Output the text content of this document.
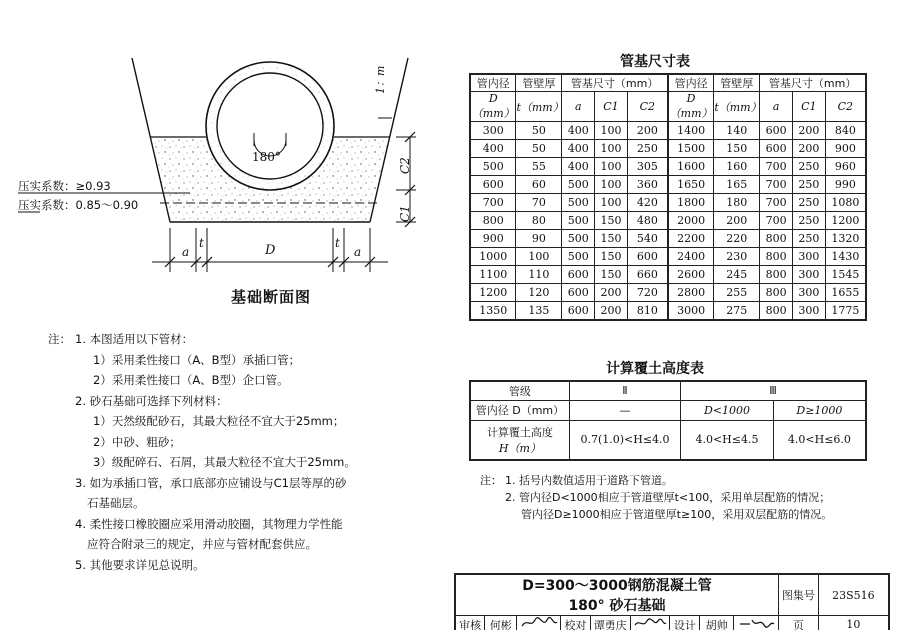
180°
1：m
压实系数：≥0.93
压实系数：0.85～0.90
C2
C1
a
t	D	t
a
基础断面图
注： 1. 本图适用以下管材：
1）采用柔性接口（A、B型）承插口管；
2）采用柔性接口（A、B型）企口管。
2. 砂石基础可选择下列材料：
1）天然级配砂石，其最大粒径不宜大于25mm；
2）中砂、粗砂；
3）级配碎石、石屑，其最大粒径不宜大于25mm。
3. 如为承插口管，承口底部亦应铺设与C1层等厚的砂
石基础层。
4. 柔性接口橡胶圈应采用滑动胶圈，其物理力学性能
应符合附录三的规定，并应与管材配套供应。
5. 其他要求详见总说明。
管基尺寸表
管内径	管壁厚	管基尺寸（mm）			管内径	管壁厚	管基尺寸（mm）		
D（mm）	t（mm）	a	C1	C2	D（mm）	t（mm）	a	C1	C2
300	50	400	100	200	1400	140	600	200	840
400	50	400	100	250	1500	150	600	200	900
500	55	400	100	305	1600	160	700	250	960
600	60	500	100	360	1650	165	700	250	990
700	70	500	100	420	1800	180	700	250	1080
800	80	500	150	480	2000	200	700	250	1200
900	90	500	150	540	2200	220	800	250	1320
1000	100	500	150	600	2400	230	800	300	1430
1100	110	600	150	660	2600	245	800	300	1545
1200	120	600	200	720	2800	255	800	300	1655
1350	135	600	200	810	3000	275	800	300	1775
计算覆土高度表
管级	Ⅱ	Ⅲ	
管内径 D（mm）	—	D<1000	D≥1000

计算覆土高度
H（m）	0.7(1.0)<H≤4.0	4.0<H≤4.5	4.0<H≤6.0
注： 1. 括号内数值适用于道路下管道。
2. 管内径D<1000相应于管道壁厚t<100，采用单层配筋的情况；
管内径D≥1000相应于管道壁厚t≥100，采用双层配筋的情况。
D=300～3000钢筋混凝土管
180° 砂石基础									图集号	23S516
审核	何彬		校对	谭勇庆		设计	胡帅		页	10
